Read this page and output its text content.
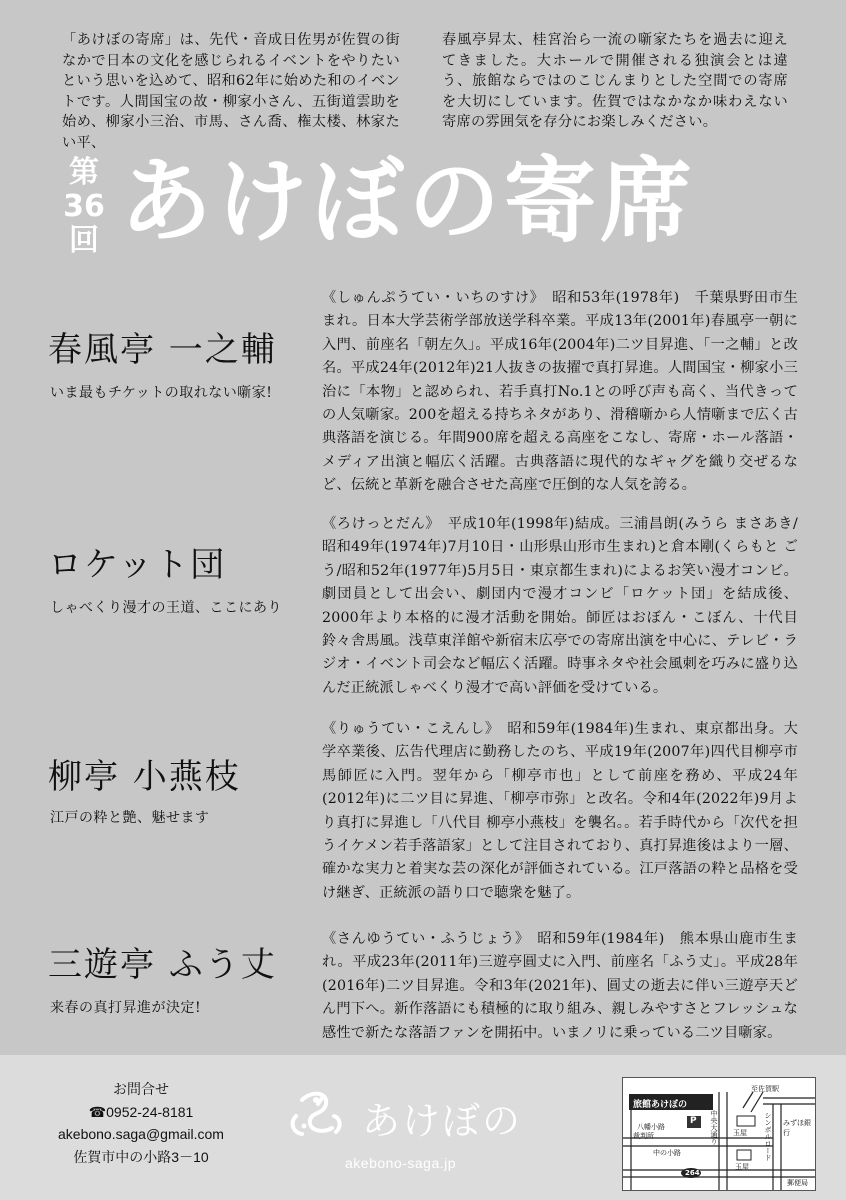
「あけぼの寄席」は、先代・音成日佐男が佐賀の街なかで日本の文化を感じられるイベントをやりたいという思いを込めて、昭和62年に始めた和のイベントです。人間国宝の故・柳家小さん、五街道雲助を始め、柳家小三治、市馬、さん喬、権太楼、林家たい平、

春風亭昇太、桂宮治ら一流の噺家たちを過去に迎えてきました。大ホールで開催される独演会とは違う、旅館ならではのこじんまりとした空間での寄席を大切にしています。佐賀ではなかなか味わえない寄席の雰囲気を存分にお楽しみください。

第
36
回 あけぼの寄席
春風亭 一之輔
いま最もチケットの取れない噺家!

《しゅんぷうてい・いちのすけ》　昭和53年(1978年)　千葉県野田市生まれ。日本大学芸術学部放送学科卒業。平成13年(2001年)春風亭一朝に入門、前座名「朝左久」。平成16年(2004年)二ツ目昇進、「一之輔」と改名。平成24年(2012年)21人抜きの抜擢で真打昇進。人間国宝・柳家小三治に「本物」と認められ、若手真打No.1との呼び声も高く、当代きっての人気噺家。200を超える持ちネタがあり、滑稽噺から人情噺まで広く古典落語を演じる。年間900席を超える高座をこなし、寄席・ホール落語・メディア出演と幅広く活躍。古典落語に現代的なギャグを織り交ぜるなど、伝統と革新を融合させた高座で圧倒的な人気を誇る。

ロケット団
しゃべくり漫才の王道、ここにあり

《ろけっとだん》　平成10年(1998年)結成。三浦昌朗(みうら まさあき/昭和49年(1974年)7月10日・山形県山形市生まれ)と倉本剛(くらもと ごう/昭和52年(1977年)5月5日・東京都生まれ)によるお笑い漫才コンビ。劇団員として出会い、劇団内で漫才コンビ「ロケット団」を結成後、2000年より本格的に漫才活動を開始。師匠はおぼん・こぼん、十代目鈴々舎馬風。浅草東洋館や新宿末広亭での寄席出演を中心に、テレビ・ラジオ・イベント司会など幅広く活躍。時事ネタや社会風刺を巧みに盛り込んだ正統派しゃべくり漫才で高い評価を受けている。

柳亭 小燕枝
江戸の粋と艶、魅せます

《りゅうてい・こえんし》　昭和59年(1984年)生まれ、東京都出身。大学卒業後、広告代理店に勤務したのち、平成19年(2007年)四代目柳亭市馬師匠に入門。翌年から「柳亭市也」として前座を務め、平成24年(2012年)に二ツ目に昇進、「柳亭市弥」と改名。令和4年(2022年)9月より真打に昇進し「八代目 柳亭小燕枝」を襲名。。若手時代から「次代を担うイケメン若手落語家」として注目されており、真打昇進後はより一層、確かな実力と着実な芸の深化が評価されている。江戸落語の粋と品格を受け継ぎ、正統派の語り口で聴衆を魅了。

三遊亭 ふう丈
来春の真打昇進が決定!

《さんゆうてい・ふうじょう》　昭和59年(1984年)　熊本県山鹿市生まれ。平成23年(2011年)三遊亭圓丈に入門、前座名「ふう丈」。平成28年(2016年)二ツ目昇進。令和3年(2021年)、圓丈の逝去に伴い三遊亭天どん門下へ。新作落語にも積極的に取り組み、親しみやすさとフレッシュな感性で新たな落語ファンを開拓中。いまノリに乗っている二ツ目噺家。

お問合せ
☎0952-24-8181
akebono.saga@gmail.com
佐賀市中の小路3－10
あけぼの
akebono-saga.jp
至佐賀駅
旅館あけぼの
P
八幡小路
裁判所
中の小路
玉屋
玉屋
みずほ銀行
中央大通り	シンボルロード
264
郵便局
